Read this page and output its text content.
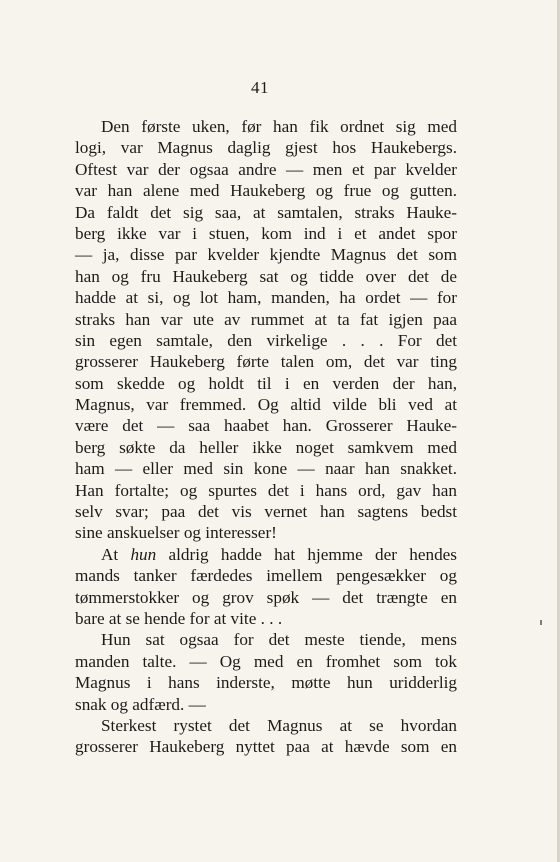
41
Den første uken, før han fik ordnet sig med
logi, var Magnus daglig gjest hos Haukebergs.
Oftest var der ogsaa andre — men et par kvelder
var han alene med Haukeberg og frue og gutten.
Da faldt det sig saa, at samtalen, straks Hauke-
berg ikke var i stuen, kom ind i et andet spor
— ja, disse par kvelder kjendte Magnus det som
han og fru Haukeberg sat og tidde over det de
hadde at si, og lot ham, manden, ha ordet — for
straks han var ute av rummet at ta fat igjen paa
sin egen samtale, den virkelige . . . For det
grosserer Haukeberg førte talen om, det var ting
som skedde og holdt til i en verden der han,
Magnus, var fremmed. Og altid vilde bli ved at
være det — saa haabet han. Grosserer Hauke-
berg søkte da heller ikke noget samkvem med
ham — eller med sin kone — naar han snakket.
Han fortalte; og spurtes det i hans ord, gav han
selv svar; paa det vis vernet han sagtens bedst
sine anskuelser og interesser!
At hun aldrig hadde hat hjemme der hendes
mands tanker færdedes imellem pengesækker og
tømmerstokker og grov spøk — det trængte en
bare at se hende for at vite . . .
Hun sat ogsaa for det meste tiende, mens
manden talte. — Og med en fromhet som tok
Magnus i hans inderste, møtte hun uridderlig
snak og adfærd. —
Sterkest rystet det Magnus at se hvordan
grosserer Haukeberg nyttet paa at hævde som en
